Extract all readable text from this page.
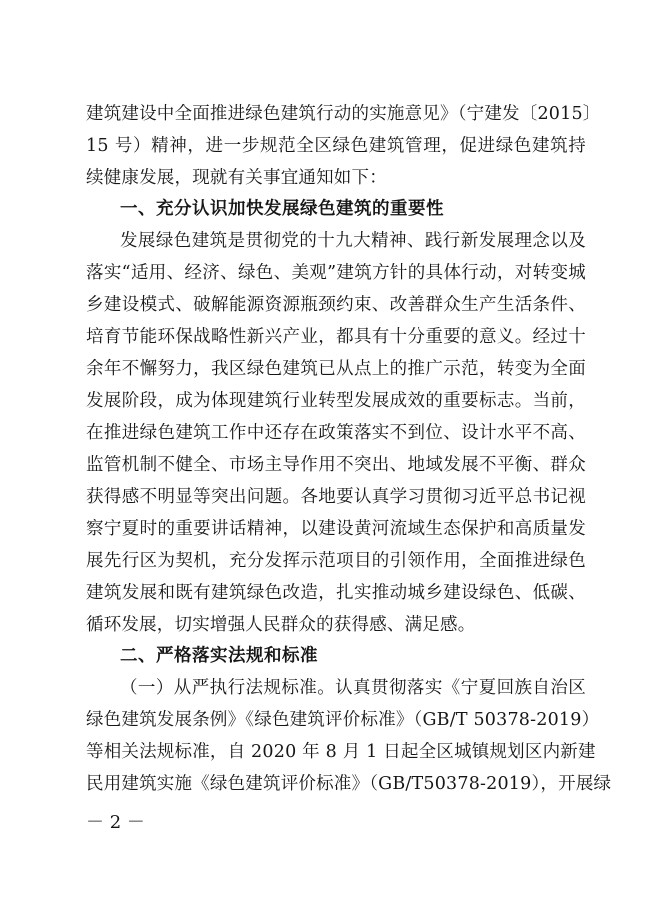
建筑建设中全面推进绿色建筑行动的实施意见》（宁建发〔2015〕
15 号）精神，进一步规范全区绿色建筑管理，促进绿色建筑持
续健康发展，现就有关事宜通知如下：
一、充分认识加快发展绿色建筑的重要性
发展绿色建筑是贯彻党的十九大精神、践行新发展理念以及
落实“适用、经济、绿色、美观”建筑方针的具体行动，对转变城
乡建设模式、破解能源资源瓶颈约束、改善群众生产生活条件、
培育节能环保战略性新兴产业，都具有十分重要的意义。经过十
余年不懈努力，我区绿色建筑已从点上的推广示范，转变为全面
发展阶段，成为体现建筑行业转型发展成效的重要标志。当前，
在推进绿色建筑工作中还存在政策落实不到位、设计水平不高、
监管机制不健全、市场主导作用不突出、地域发展不平衡、群众
获得感不明显等突出问题。各地要认真学习贯彻习近平总书记视
察宁夏时的重要讲话精神，以建设黄河流域生态保护和高质量发
展先行区为契机，充分发挥示范项目的引领作用，全面推进绿色
建筑发展和既有建筑绿色改造，扎实推动城乡建设绿色、低碳、
循环发展，切实增强人民群众的获得感、满足感。
二、严格落实法规和标准
（一）从严执行法规标准。认真贯彻落实《宁夏回族自治区
绿色建筑发展条例》《绿色建筑评价标准》（GB/T 50378-2019）
等相关法规标准，自 2020 年 8 月 1 日起全区城镇规划区内新建
民用建筑实施《绿色建筑评价标准》（GB/T50378-2019），开展绿
－ 2 －
